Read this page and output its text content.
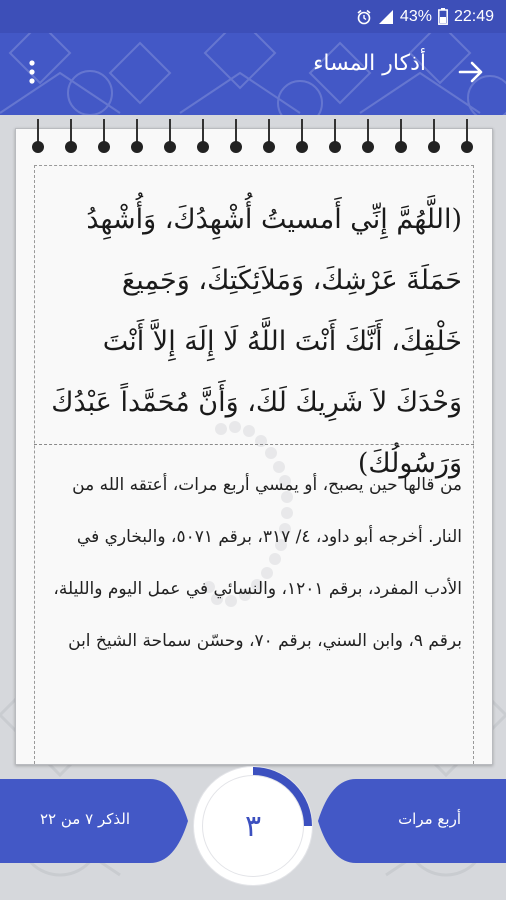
43% 22:49
أذكار المساء
(اللَّهُمَّ إِنِّي أَمسيتُ أُشْهِدُكَ، وَأُشْهِدُ حَمَلَةَ عَرْشِكَ، وَمَلاَئِكَتِكَ، وَجَمِيعَ خَلْقِكَ، أَنَّكَ أَنْتَ اللَّهُ لَا إِلَهَ إِلاَّ أَنْتَ وَحْدَكَ لاَ شَرِيكَ لَكَ، وَأَنَّ مُحَمَّداً عَبْدُكَ وَرَسُولُكَ)
من قالها حين يصبح، أو يمسي أربع مرات، أعتقه الله من النار. أخرجه أبو داود، ٤/ ٣١٧، برقم ٥٠٧١، والبخاري في الأدب المفرد، برقم ١٢٠١، والنسائي في عمل اليوم والليلة، برقم ٩، وابن السني، برقم ٧٠، وحسّن سماحة الشيخ ابن
الذكر ٧ من ٢٢	أربع مرات
٣
